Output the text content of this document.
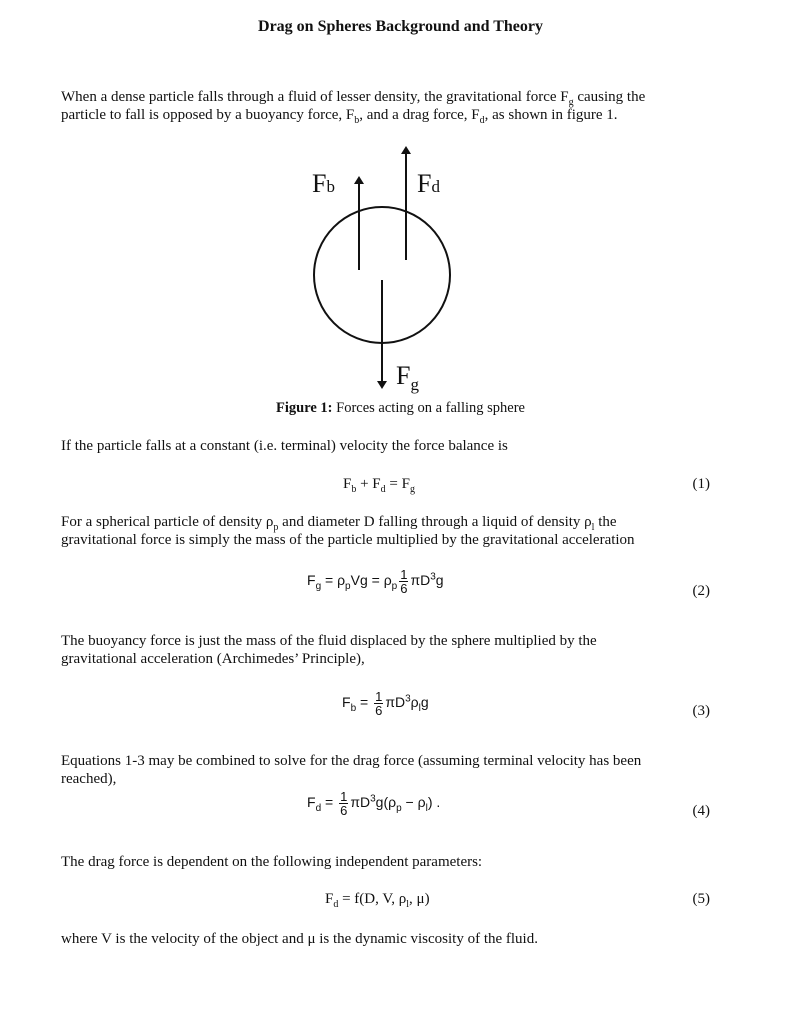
Drag on Spheres Background and Theory
When a dense particle falls through a fluid of lesser density, the gravitational force $F_g$ causing the
particle to fall is opposed by a buoyancy force, $F_b$, and a drag force, $F_d$, as shown in figure 1.
Fb	Fd
$F_g$
Figure 1: Forces acting on a falling sphere
If the particle falls at a constant (i.e. terminal) velocity the force balance is
$F_b + F_d = F_g$	(1)
For a spherical particle of density $\rho_p$ and diameter D falling through a liquid of density $\rho_l$ the
gravitational force is simply the mass of the particle multiplied by the gravitational acceleration
$F_g = \rho_pVg = \rho_p \frac{1}{6} \pi D^3g$
(2)
The buoyancy force is just the mass of the fluid displaced by the sphere multiplied by the
gravitational acceleration (Archimedes’ Principle),
$F_b = \frac{1}{6} \pi D^3\rho_lg$
(3)
Equations 1-3 may be combined to solve for the drag force (assuming terminal velocity has been
reached),
$F_d = \frac{1}{6} \pi D^3g(\rho_p - \rho_l)$ .
(4)
The drag force is dependent on the following independent parameters:
$F_d = f(D$, V, $\rho_l$, μ)	(5)
where V is the velocity of the object and μ is the dynamic viscosity of the fluid.
